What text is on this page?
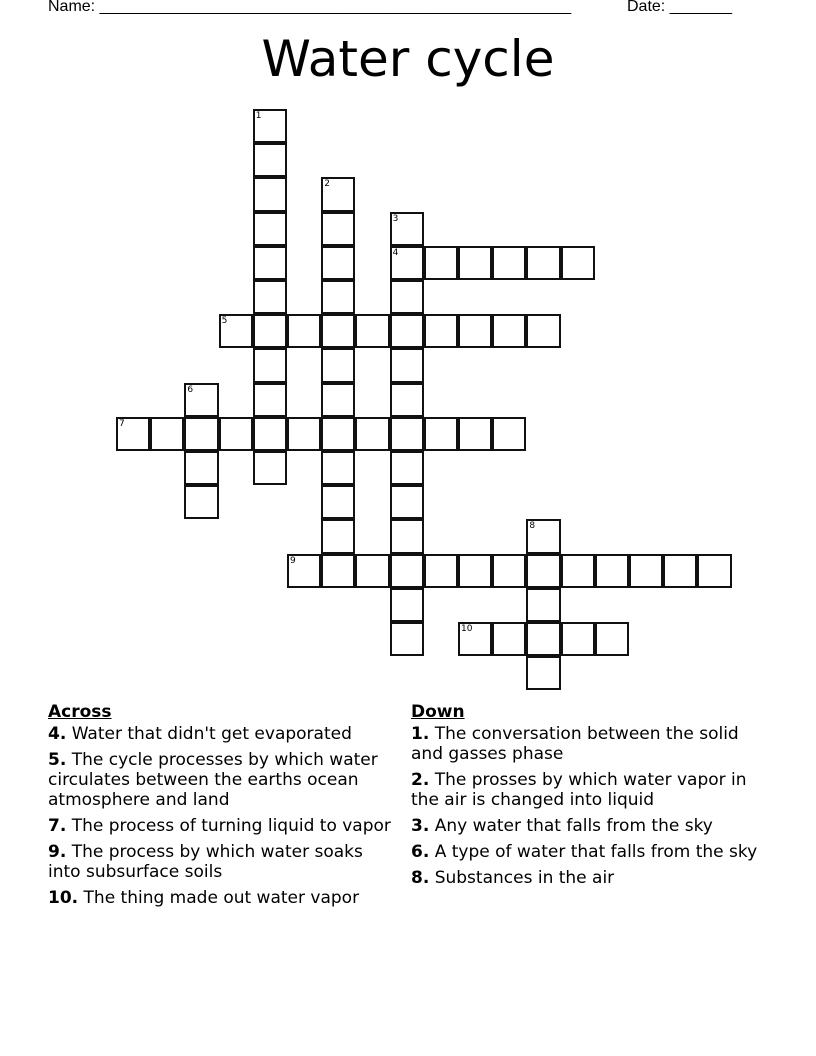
Name: _____________________________________________________	Date: _______
Water cycle
1
2
3
4
5
6
7
8
9
10
Across
4. Water that didn't get evaporated
5. The cycle processes by which water circulates between the earths ocean atmosphere and land
7. The process of turning liquid to vapor
9. The process by which water soaks into subsurface soils
10. The thing made out water vapor
Down
1. The conversation between the solid and gasses phase
2. The prosses by which water vapor in the air is changed into liquid
3. Any water that falls from the sky
6. A type of water that falls from the sky
8. Substances in the air
